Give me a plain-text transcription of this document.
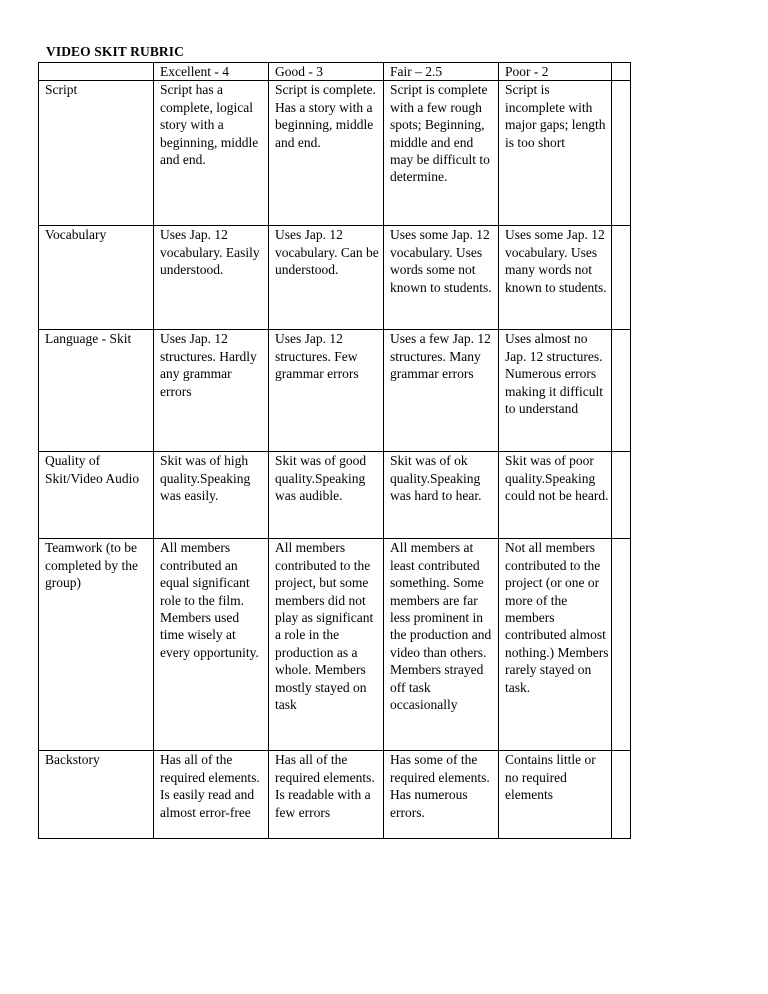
VIDEO SKIT RUBRIC
	Excellent - 4	Good - 3	Fair – 2.5	Poor - 2	
Script	Script has a complete, logical story with a beginning, middle and end.	Script is complete. Has a story with a beginning, middle and end.	Script is complete with a few rough spots; Beginning, middle and end may be difficult to determine.	Script is incomplete with major gaps; length is too short	
Vocabulary	Uses Jap. 12 vocabulary. Easily understood.	Uses Jap. 12 vocabulary. Can be understood.	Uses some Jap. 12 vocabulary. Uses words some not known to students.	Uses some Jap. 12 vocabulary. Uses many words not known to students.	
Language - Skit	Uses Jap. 12 structures. Hardly any grammar errors	Uses Jap. 12 structures. Few grammar errors	Uses a few Jap. 12 structures. Many grammar errors	Uses almost no Jap. 12 structures. Numerous errors making it difficult to understand	
Quality of Skit/Video Audio	Skit was of high quality.Speaking was easily.	Skit was of good quality.Speaking was audible.	Skit was of ok quality.Speaking was hard to hear.	Skit was of poor quality.Speaking could not be heard.	
Teamwork (to be completed by the group)	All members contributed an equal significant role to the film. Members used time wisely at every opportunity.	All members contributed to the project, but some members did not play as significant a role in the production as a whole. Members mostly stayed on task	All members at least contributed something. Some members are far less prominent in the production and video than others. Members strayed off task occasionally	Not all members contributed to the project (or one or more of the members contributed almost nothing.) Members rarely stayed on task.	
Backstory	Has all of the required elements. Is easily read and almost error-free	Has all of the required elements. Is readable with a few errors	Has some of the required elements. Has numerous errors.	Contains little or no required elements	
